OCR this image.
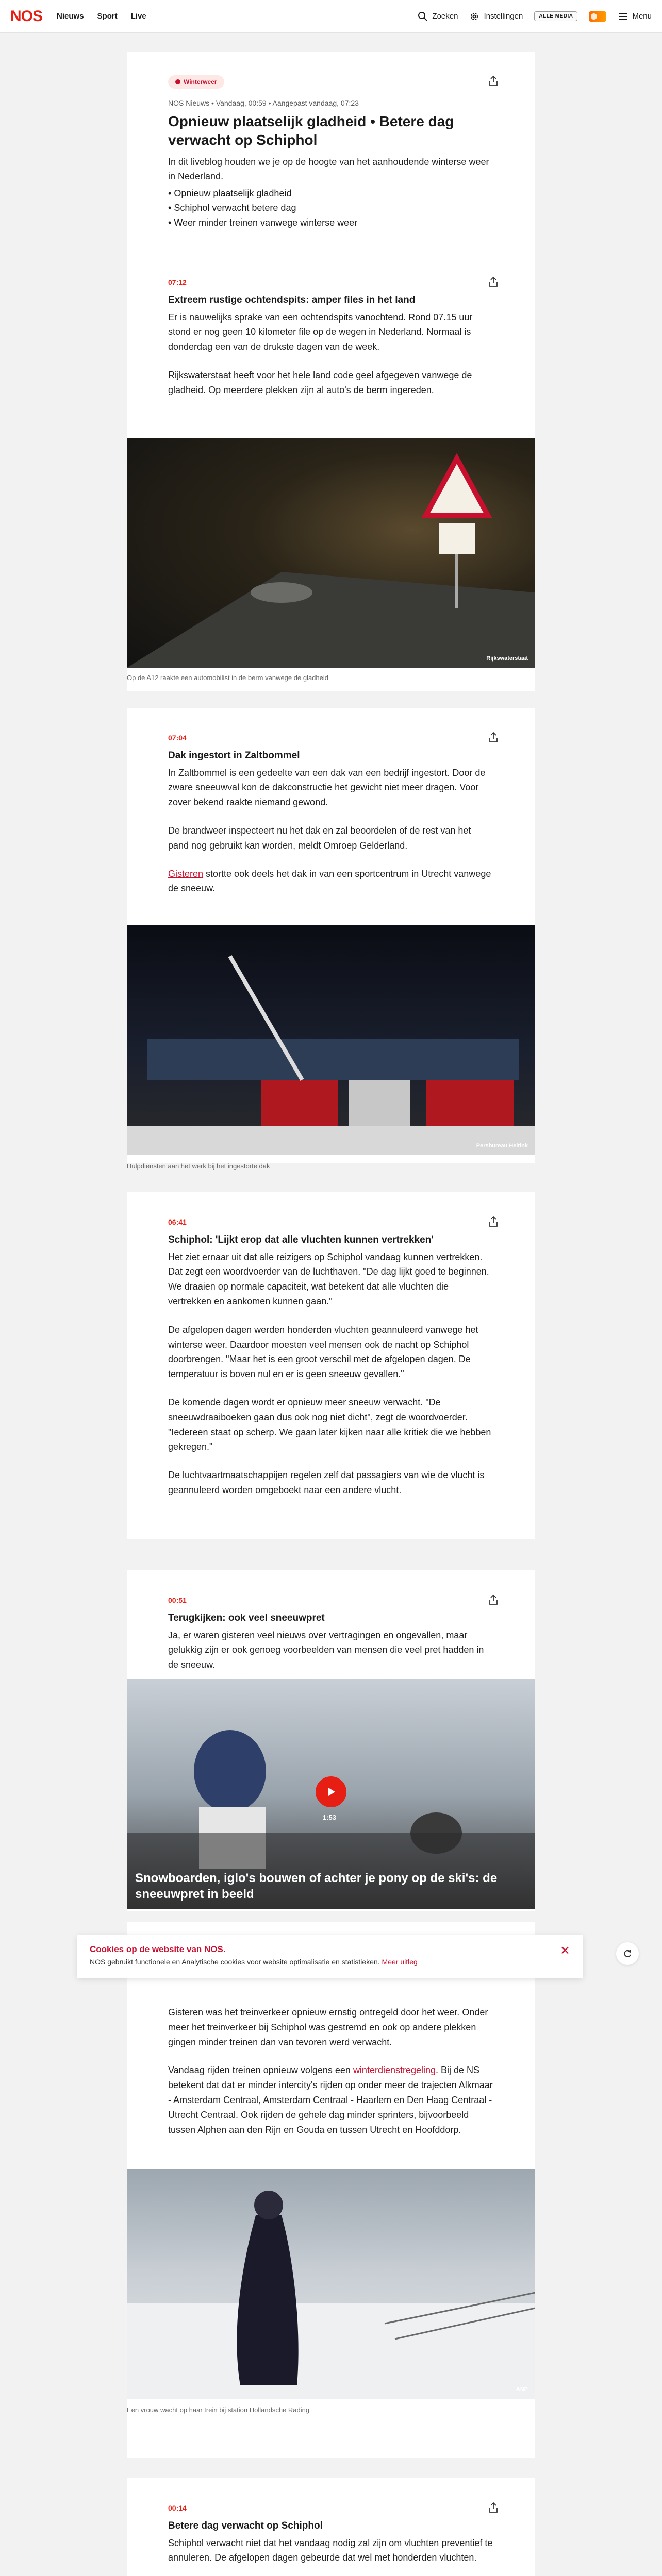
NOS Nieuws Sport Live	Zoeken	Instellingen	ALLE MEDIA	Menu
Winterweer
NOS Nieuws • Vandaag, 00:59 • Aangepast vandaag, 07:23
Opnieuw plaatselijk gladheid • Betere dag verwacht op Schiphol

In dit liveblog houden we je op de hoogte van het aanhoudende winterse weer in Nederland.

• Opnieuw plaatselijk gladheid
• Schiphol verwacht betere dag
• Weer minder treinen vanwege winterse weer
07:12
Extreem rustige ochtendspits: amper files in het land

Er is nauwelijks sprake van een ochtendspits vanochtend. Rond 07.15 uur stond er nog geen 10 kilometer file op de wegen in Nederland. Normaal is donderdag een van de drukste dagen van de week.

Rijkswaterstaat heeft voor het hele land code geel afgegeven vanwege de gladheid. Op meerdere plekken zijn al auto's de berm ingereden.

Rijkswaterstaat
Op de A12 raakte een automobilist in de berm vanwege de gladheid
07:04
Dak ingestort in Zaltbommel

In Zaltbommel is een gedeelte van een dak van een bedrijf ingestort. Door de zware sneeuwval kon de dakconstructie het gewicht niet meer dragen. Voor zover bekend raakte niemand gewond.

De brandweer inspecteert nu het dak en zal beoordelen of de rest van het pand nog gebruikt kan worden, meldt Omroep Gelderland.

Gisteren stortte ook deels het dak in van een sportcentrum in Utrecht vanwege de sneeuw.

Persbureau Heitink
Hulpdiensten aan het werk bij het ingestorte dak
06:41
Schiphol: 'Lijkt erop dat alle vluchten kunnen vertrekken'

Het ziet ernaar uit dat alle reizigers op Schiphol vandaag kunnen vertrekken. Dat zegt een woordvoerder van de luchthaven. "De dag lijkt goed te beginnen. We draaien op normale capaciteit, wat betekent dat alle vluchten die vertrekken en aankomen kunnen gaan."

De afgelopen dagen werden honderden vluchten geannuleerd vanwege het winterse weer. Daardoor moesten veel mensen ook de nacht op Schiphol doorbrengen. "Maar het is een groot verschil met de afgelopen dagen. De temperatuur is boven nul en er is geen sneeuw gevallen."

De komende dagen wordt er opnieuw meer sneeuw verwacht. "De sneeuwdraaiboeken gaan dus ook nog niet dicht", zegt de woordvoerder. "Iedereen staat op scherp. We gaan later kijken naar alle kritiek die we hebben gekregen."

De luchtvaartmaatschappijen regelen zelf dat passagiers van wie de vlucht is geannuleerd worden omgeboekt naar een andere vlucht.

00:51
Terugkijken: ook veel sneeuwpret

Ja, er waren gisteren veel nieuws over vertragingen en ongevallen, maar gelukkig zijn er ook genoeg voorbeelden van mensen die veel pret hadden in de sneeuw.

1:53
Snowboarden, iglo's bouwen of achter je pony op de ski's: de sneeuwpret in beeld

Gisteren was het treinverkeer opnieuw ernstig ontregeld door het weer. Onder meer het treinverkeer bij Schiphol was gestremd en ook op andere plekken gingen minder treinen dan van tevoren werd verwacht.

Vandaag rijden treinen opnieuw volgens een winterdienstregeling. Bij de NS betekent dat dat er minder intercity's rijden op onder meer de trajecten Alkmaar - Amsterdam Centraal, Amsterdam Centraal - Haarlem en Den Haag Centraal - Utrecht Centraal. Ook rijden de gehele dag minder sprinters, bijvoorbeeld tussen Alphen aan den Rijn en Gouda en tussen Utrecht en Hoofddorp.

ANP
Een vrouw wacht op haar trein bij station Hollandsche Rading
00:14
Betere dag verwacht op Schiphol

Schiphol verwacht niet dat het vandaag nodig zal zijn om vluchten preventief te annuleren. De afgelopen dagen gebeurde dat wel met honderden vluchten.

Cookies op de website van NOS.

NOS gebruikt functionele en Analytische cookies voor website optimalisatie en statistieken. Meer uitleg

✕
